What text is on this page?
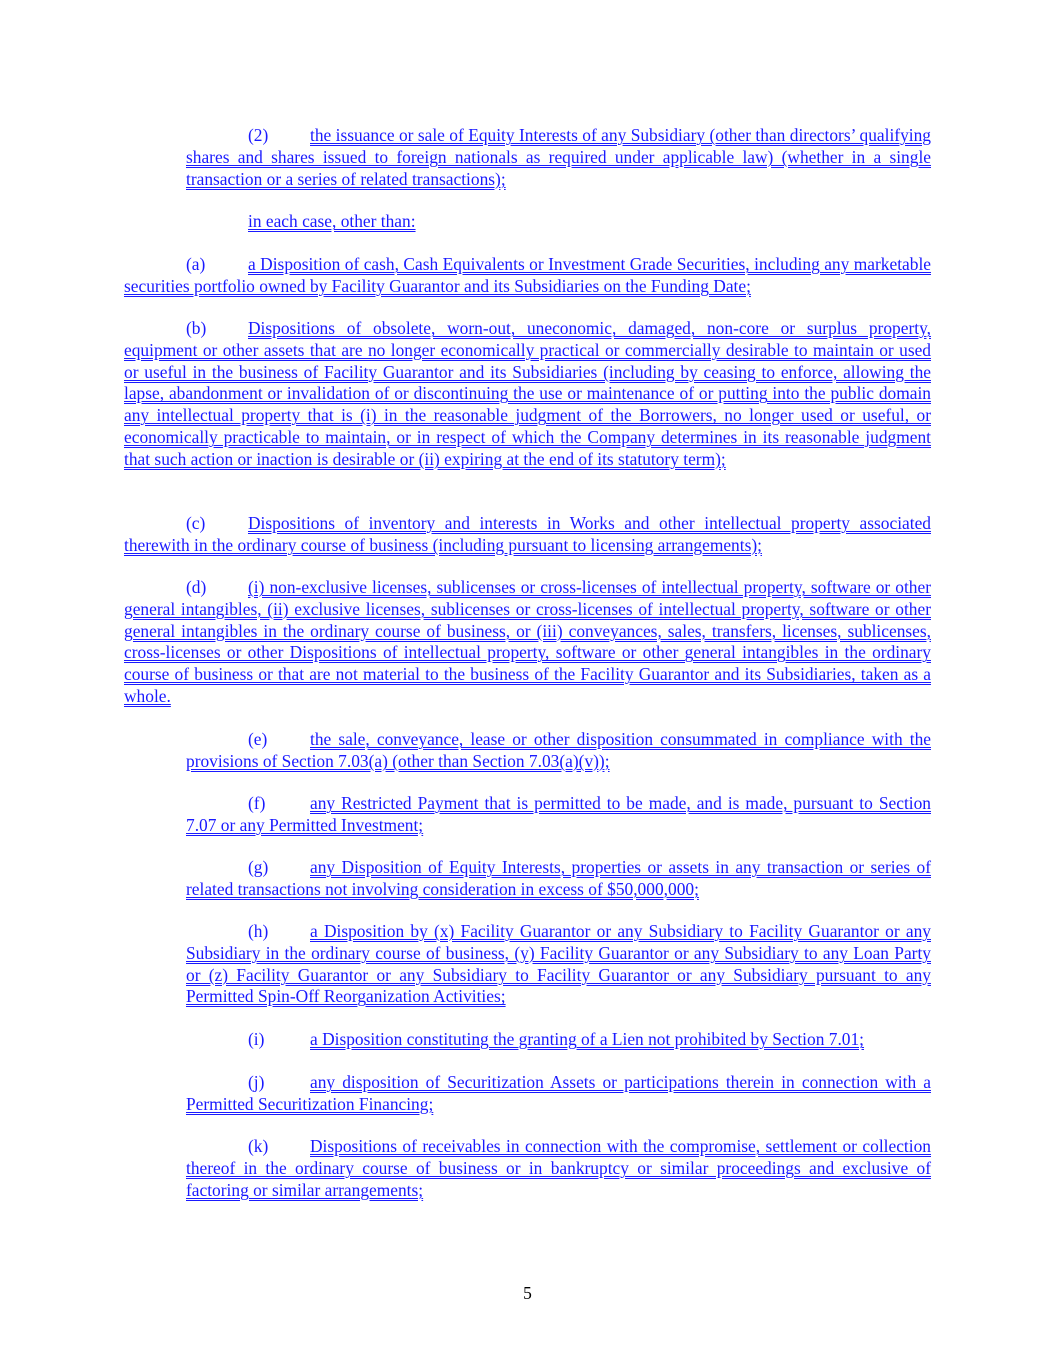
(2) the issuance or sale of Equity Interests of any Subsidiary (other than directors’ qualifying shares and shares issued to foreign nationals as required under applicable law) (whether in a single transaction or a series of related transactions);

in each case, other than:

(a) a Disposition of cash, Cash Equivalents or Investment Grade Securities, including any marketable securities portfolio owned by Facility Guarantor and its Subsidiaries on the Funding Date;

(b) Dispositions of obsolete, worn-out, uneconomic, damaged, non-core or surplus property, equipment or other assets that are no longer economically practical or commercially desirable to maintain or used or useful in the business of Facility Guarantor and its Subsidiaries (including by ceasing to enforce, allowing the lapse, abandonment or invalidation of or discontinuing the use or maintenance of or putting into the public domain any intellectual property that is (i) in the reasonable judgment of the Borrowers, no longer used or useful, or economically practicable to maintain, or in respect of which the Company determines in its reasonable judgment that such action or inaction is desirable or (ii) expiring at the end of its statutory term);

(c) Dispositions of inventory and interests in Works and other intellectual property associated therewith in the ordinary course of business (including pursuant to licensing arrangements);

(d) (i) non-exclusive licenses, sublicenses or cross-licenses of intellectual property, software or other general intangibles, (ii) exclusive licenses, sublicenses or cross-licenses of intellectual property, software or other general intangibles in the ordinary course of business, or (iii) conveyances, sales, transfers, licenses, sublicenses, cross-licenses or other Dispositions of intellectual property, software or other general intangibles in the ordinary course of business or that are not material to the business of the Facility Guarantor and its Subsidiaries, taken as a whole.

(e) the sale, conveyance, lease or other disposition consummated in compliance with the provisions of Section 7.03(a) (other than Section 7.03(a)(v));

(f)	any Restricted Payment that is permitted to be made, and is made, pursuant to Section 7.07 or any Permitted Investment;

(g) any Disposition of Equity Interests, properties or assets in any transaction or series of related transactions not involving consideration in excess of $50,000,000;

(h) a Disposition by (x) Facility Guarantor or any Subsidiary to Facility Guarantor or any Subsidiary in the ordinary course of business, (y) Facility Guarantor or any Subsidiary to any Loan Party or (z) Facility Guarantor or any Subsidiary to Facility Guarantor or any Subsidiary pursuant to any Permitted Spin-Off Reorganization Activities;

(i)	a Disposition constituting the granting of a Lien not prohibited by Section 7.01;

(j)	any disposition of Securitization Assets or participations therein in connection with a Permitted Securitization Financing;

(k) Dispositions of receivables in connection with the compromise, settlement or collection thereof in the ordinary course of business or in bankruptcy or similar proceedings and exclusive of factoring or similar arrangements;

5
